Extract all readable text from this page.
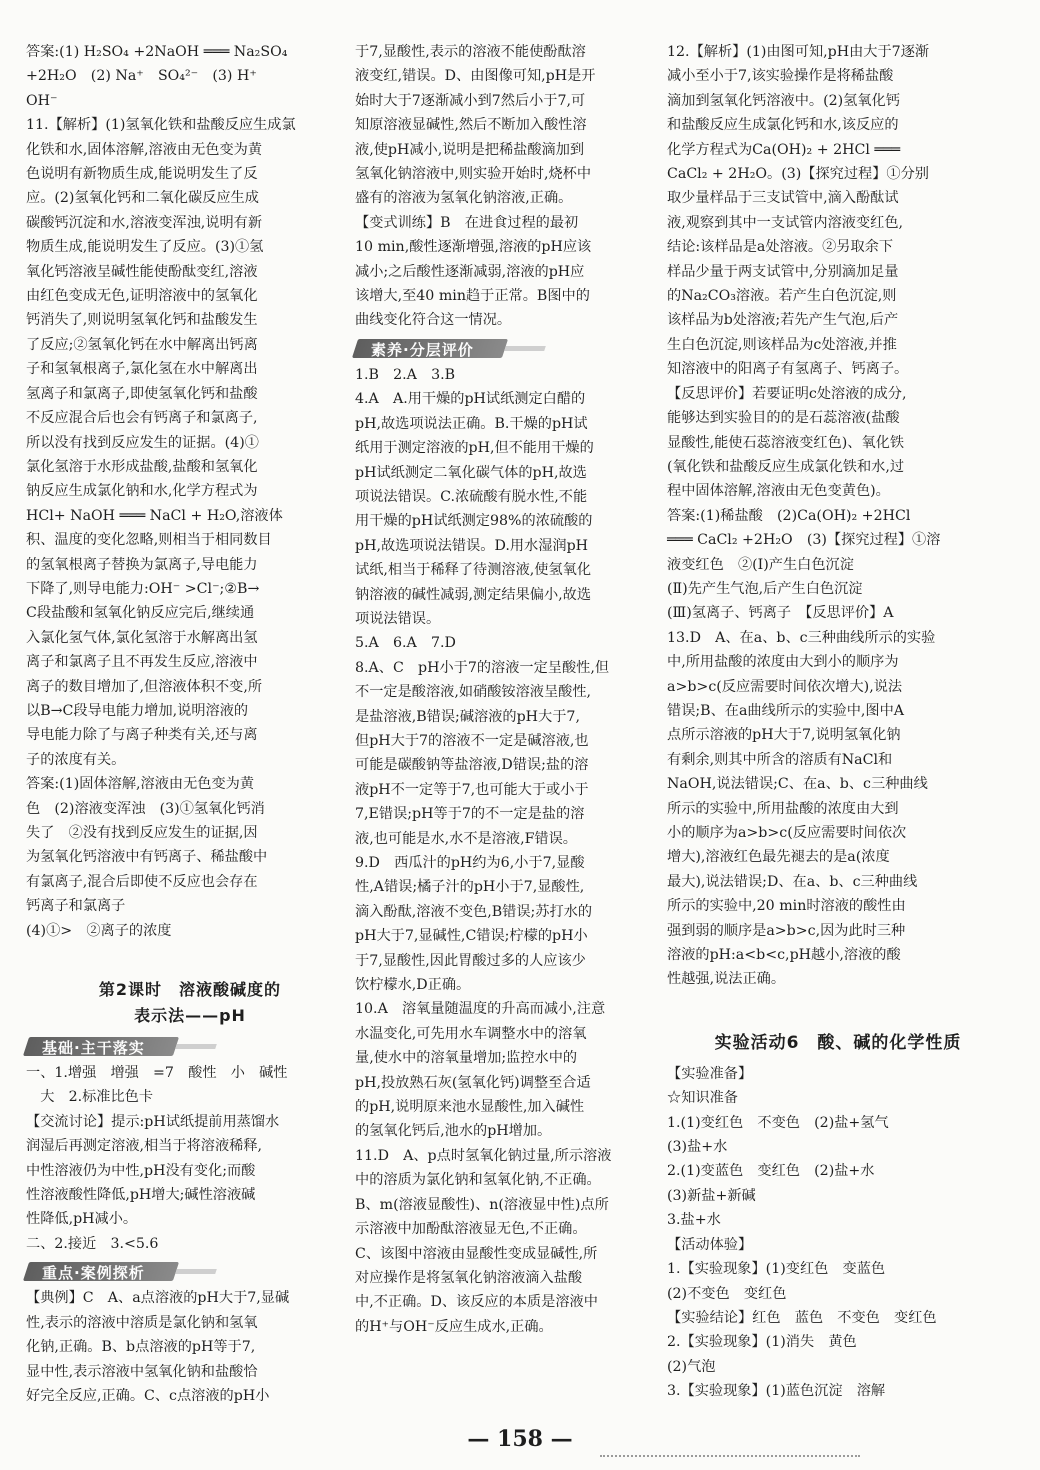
答案:(1) H₂SO₄ +2NaOH ═══ Na₂SO₄
+2H₂O　(2) Na⁺　SO₄²⁻　(3) H⁺
OH⁻
11.【解析】(1)氢氧化铁和盐酸反应生成氯
化铁和水,固体溶解,溶液由无色变为黄
色说明有新物质生成,能说明发生了反
应。(2)氢氧化钙和二氧化碳反应生成
碳酸钙沉淀和水,溶液变浑浊,说明有新
物质生成,能说明发生了反应。(3)①氢
氧化钙溶液呈碱性能使酚酞变红,溶液
由红色变成无色,证明溶液中的氢氧化
钙消失了,则说明氢氧化钙和盐酸发生
了反应;②氢氧化钙在水中解离出钙离
子和氢氧根离子,氯化氢在水中解离出
氢离子和氯离子,即使氢氧化钙和盐酸
不反应混合后也会有钙离子和氯离子,
所以没有找到反应发生的证据。(4)①
氯化氢溶于水形成盐酸,盐酸和氢氧化
钠反应生成氯化钠和水,化学方程式为
HCl+ NaOH ═══ NaCl + H₂O,溶液体
积、温度的变化忽略,则相当于相同数目
的氢氧根离子替换为氯离子,导电能力
下降了,则导电能力:OH⁻ >Cl⁻;②B→
C段盐酸和氢氧化钠反应完后,继续通
入氯化氢气体,氯化氢溶于水解离出氢
离子和氯离子且不再发生反应,溶液中
离子的数目增加了,但溶液体积不变,所
以B→C段导电能力增加,说明溶液的
导电能力除了与离子种类有关,还与离
子的浓度有关。
答案:(1)固体溶解,溶液由无色变为黄
色　(2)溶液变浑浊　(3)①氢氧化钙消
失了　②没有找到反应发生的证据,因
为氢氧化钙溶液中有钙离子、稀盐酸中
有氯离子,混合后即使不反应也会存在
钙离子和氯离子
(4)①>　②离子的浓度
第2课时　溶液酸碱度的
表示法——pH
基础·主干落实
一、1.增强　增强　=7　酸性　小　碱性
　大　2.标准比色卡
【交流讨论】提示:pH试纸提前用蒸馏水
润湿后再测定溶液,相当于将溶液稀释,
中性溶液仍为中性,pH没有变化;而酸
性溶液酸性降低,pH增大;碱性溶液碱
性降低,pH减小。
二、2.接近　3.<5.6
重点·案例探析
【典例】C　A、a点溶液的pH大于7,显碱
性,表示的溶液中溶质是氯化钠和氢氧
化钠,正确。B、b点溶液的pH等于7,
显中性,表示溶液中氢氧化钠和盐酸恰
好完全反应,正确。C、c点溶液的pH小
于7,显酸性,表示的溶液不能使酚酞溶
液变红,错误。D、由图像可知,pH是开
始时大于7逐渐减小到7然后小于7,可
知原溶液显碱性,然后不断加入酸性溶
液,使pH减小,说明是把稀盐酸滴加到
氢氧化钠溶液中,则实验开始时,烧杯中
盛有的溶液为氢氧化钠溶液,正确。
【变式训练】B　在进食过程的最初
10 min,酸性逐渐增强,溶液的pH应该
减小;之后酸性逐渐减弱,溶液的pH应
该增大,至40 min趋于正常。B图中的
曲线变化符合这一情况。
素养·分层评价
1.B　2.A　3.B
4.A　A.用干燥的pH试纸测定白醋的
pH,故选项说法正确。B.干燥的pH试
纸用于测定溶液的pH,但不能用干燥的
pH试纸测定二氧化碳气体的pH,故选
项说法错误。C.浓硫酸有脱水性,不能
用干燥的pH试纸测定98%的浓硫酸的
pH,故选项说法错误。D.用水湿润pH
试纸,相当于稀释了待测溶液,使氢氧化
钠溶液的碱性减弱,测定结果偏小,故选
项说法错误。
5.A　6.A　7.D
8.A、C　pH小于7的溶液一定呈酸性,但
不一定是酸溶液,如硝酸铵溶液呈酸性,
是盐溶液,B错误;碱溶液的pH大于7,
但pH大于7的溶液不一定是碱溶液,也
可能是碳酸钠等盐溶液,D错误;盐的溶
液pH不一定等于7,也可能大于或小于
7,E错误;pH等于7的不一定是盐的溶
液,也可能是水,水不是溶液,F错误。
9.D　西瓜汁的pH约为6,小于7,显酸
性,A错误;橘子汁的pH小于7,显酸性,
滴入酚酞,溶液不变色,B错误;苏打水的
pH大于7,显碱性,C错误;柠檬的pH小
于7,显酸性,因此胃酸过多的人应该少
饮柠檬水,D正确。
10.A　溶氧量随温度的升高而减小,注意
水温变化,可先用水车调整水中的溶氧
量,使水中的溶氧量增加;监控水中的
pH,投放熟石灰(氢氧化钙)调整至合适
的pH,说明原来池水显酸性,加入碱性
的氢氧化钙后,池水的pH增加。
11.D　A、p点时氢氧化钠过量,所示溶液
中的溶质为氯化钠和氢氧化钠,不正确。
B、m(溶液显酸性)、n(溶液显中性)点所
示溶液中加酚酞溶液显无色,不正确。
C、该图中溶液由显酸性变成显碱性,所
对应操作是将氢氧化钠溶液滴入盐酸
中,不正确。D、该反应的本质是溶液中
的H⁺与OH⁻反应生成水,正确。
12.【解析】(1)由图可知,pH由大于7逐渐
减小至小于7,该实验操作是将稀盐酸
滴加到氢氧化钙溶液中。(2)氢氧化钙
和盐酸反应生成氯化钙和水,该反应的
化学方程式为Ca(OH)₂ + 2HCl ═══
CaCl₂ + 2H₂O。(3)【探究过程】①分别
取少量样品于三支试管中,滴入酚酞试
液,观察到其中一支试管内溶液变红色,
结论:该样品是a处溶液。②另取余下
样品少量于两支试管中,分别滴加足量
的Na₂CO₃溶液。若产生白色沉淀,则
该样品为b处溶液;若先产生气泡,后产
生白色沉淀,则该样品为c处溶液,并推
知溶液中的阳离子有氢离子、钙离子。
【反思评价】若要证明c处溶液的成分,
能够达到实验目的的是石蕊溶液(盐酸
显酸性,能使石蕊溶液变红色)、氧化铁
(氧化铁和盐酸反应生成氯化铁和水,过
程中固体溶解,溶液由无色变黄色)。
答案:(1)稀盐酸　(2)Ca(OH)₂ +2HCl
═══ CaCl₂ +2H₂O　(3)【探究过程】①溶
液变红色　②(Ⅰ)产生白色沉淀
(Ⅱ)先产生气泡,后产生白色沉淀
(Ⅲ)氢离子、钙离子　【反思评价】A
13.D　A、在a、b、c三种曲线所示的实验
中,所用盐酸的浓度由大到小的顺序为
a>b>c(反应需要时间依次增大),说法
错误;B、在a曲线所示的实验中,图中A
点所示溶液的pH大于7,说明氢氧化钠
有剩余,则其中所含的溶质有NaCl和
NaOH,说法错误;C、在a、b、c三种曲线
所示的实验中,所用盐酸的浓度由大到
小的顺序为a>b>c(反应需要时间依次
增大),溶液红色最先褪去的是a(浓度
最大),说法错误;D、在a、b、c三种曲线
所示的实验中,20 min时溶液的酸性由
强到弱的顺序是a>b>c,因为此时三种
溶液的pH:a<b<c,pH越小,溶液的酸
性越强,说法正确。
实验活动6　酸、碱的化学性质
【实验准备】
☆知识准备
1.(1)变红色　不变色　(2)盐+氢气
(3)盐+水
2.(1)变蓝色　变红色　(2)盐+水
(3)新盐+新碱
3.盐+水
【活动体验】
1.【实验现象】(1)变红色　变蓝色
(2)不变色　变红色
【实验结论】红色　蓝色　不变色　变红色
2.【实验现象】(1)消失　黄色
(2)气泡
3.【实验现象】(1)蓝色沉淀　溶解
— 158 —
